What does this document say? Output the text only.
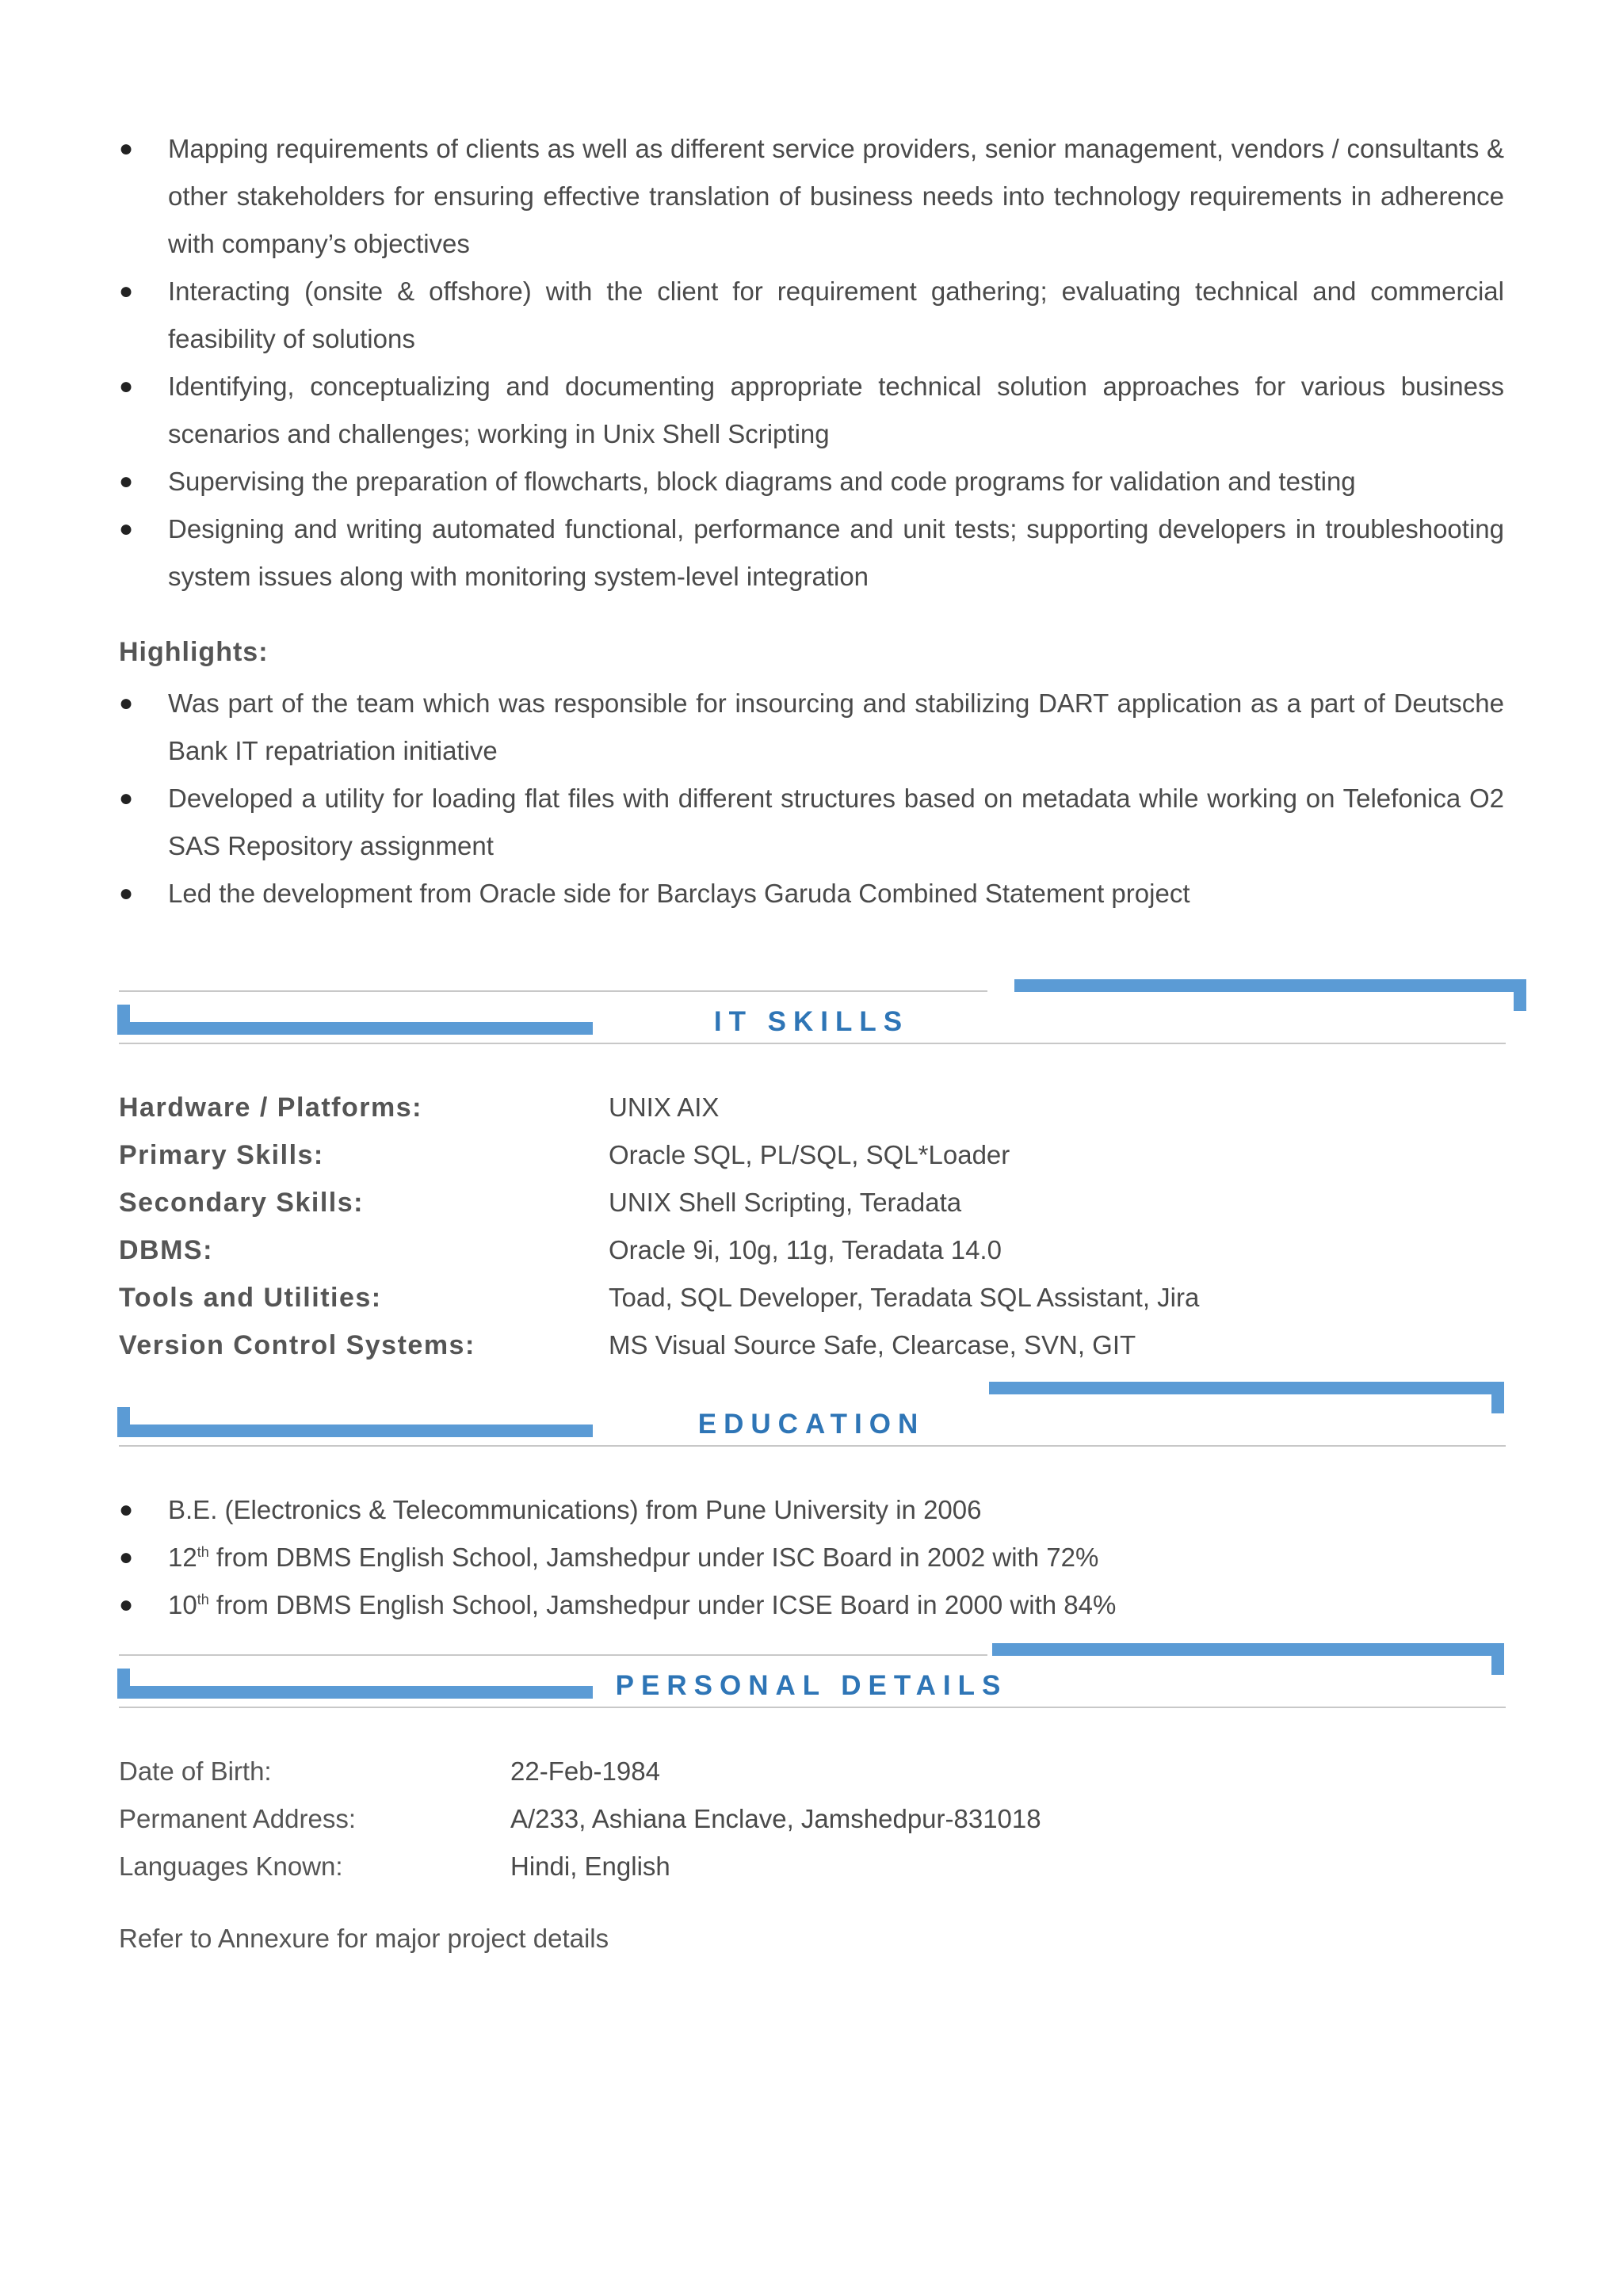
● Mapping requirements of clients as well as different service providers, senior management, vendors / consultants & other stakeholders for ensuring effective translation of business needs into technology requirements in adherence with company’s objectives
● Interacting (onsite & offshore) with the client for requirement gathering; evaluating technical and commercial feasibility of solutions
● Identifying, conceptualizing and documenting appropriate technical solution approaches for various business scenarios and challenges; working in Unix Shell Scripting
● Supervising the preparation of flowcharts, block diagrams and code programs for validation and testing
● Designing and writing automated functional, performance and unit tests; supporting developers in troubleshooting system issues along with monitoring system-level integration
Highlights:
● Was part of the team which was responsible for insourcing and stabilizing DART application as a part of Deutsche Bank IT repatriation initiative
● Developed a utility for loading flat files with different structures based on metadata while working on Telefonica O2 SAS Repository assignment
● Led the development from Oracle side for Barclays Garuda Combined Statement project
IT SKILLS
Hardware / Platforms:	UNIX AIX
Primary Skills:	Oracle SQL, PL/SQL, SQL*Loader
Secondary Skills:	UNIX Shell Scripting, Teradata
DBMS:	Oracle 9i, 10g, 11g, Teradata 14.0
Tools and Utilities:	Toad, SQL Developer, Teradata SQL Assistant, Jira
Version Control Systems:	MS Visual Source Safe, Clearcase, SVN, GIT
EDUCATION
● B.E. (Electronics & Telecommunications) from Pune University in 2006
● 12th from DBMS English School, Jamshedpur under ISC Board in 2002 with 72%
● 10th from DBMS English School, Jamshedpur under ICSE Board in 2000 with 84%
PERSONAL DETAILS
Date of Birth:	22-Feb-1984
Permanent Address:	A/233, Ashiana Enclave, Jamshedpur-831018
Languages Known:	Hindi, English
Refer to Annexure for major project details
